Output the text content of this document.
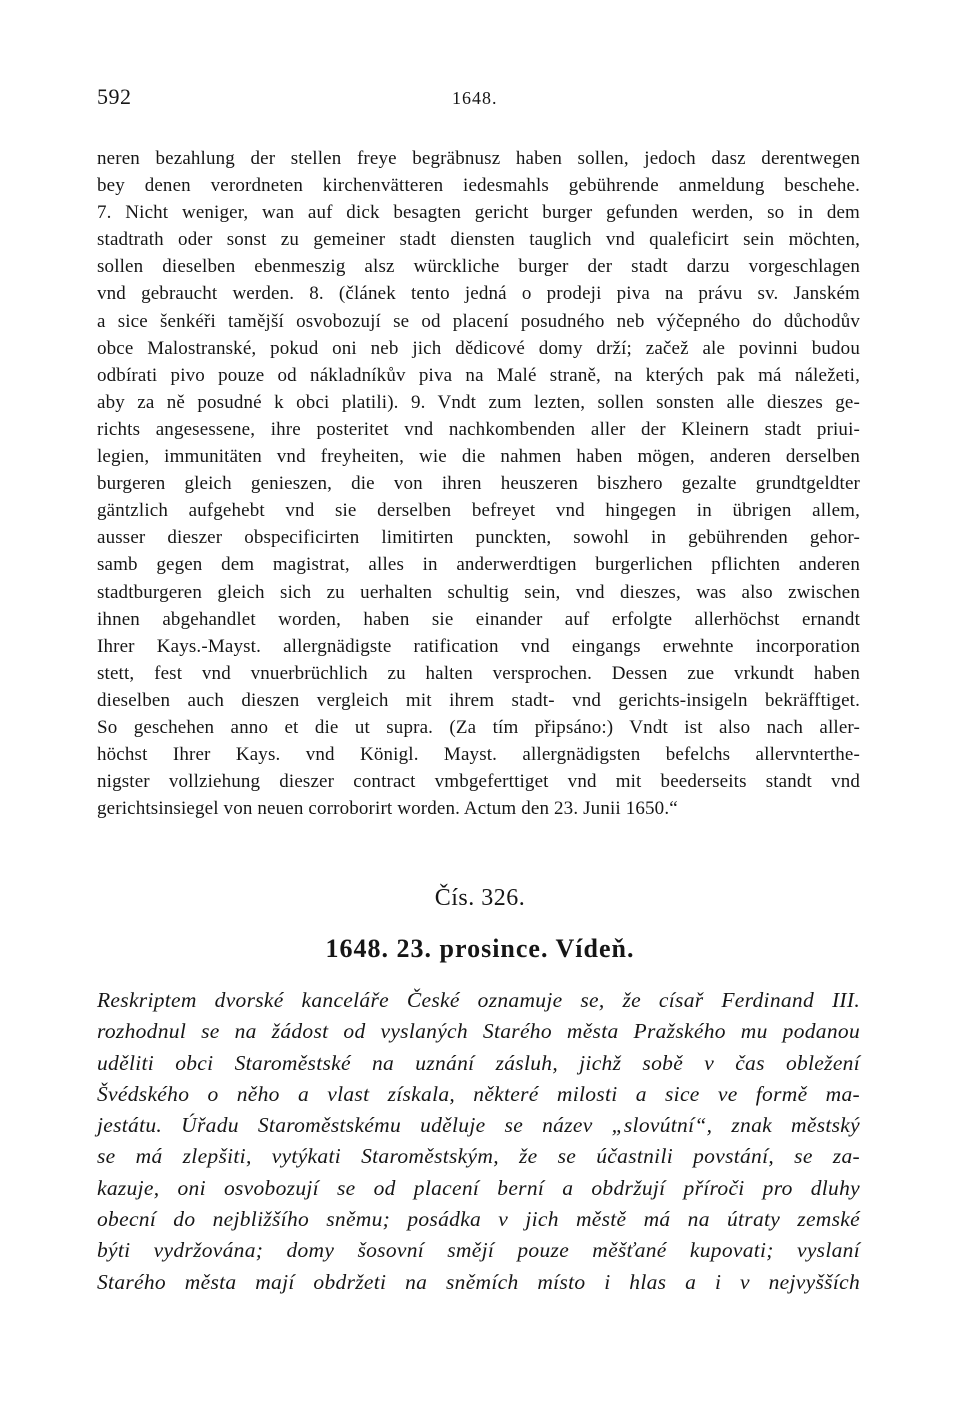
592	1648.
neren bezahlung der stellen freye begräbnusz haben sollen, jedoch dasz derentwegen
bey denen verordneten kirchenvätteren iedesmahls gebührende anmeldung beschehe.
7. Nicht weniger, wan auf dick besagten gericht burger gefunden werden, so in dem
stadtrath oder sonst zu gemeiner stadt diensten tauglich vnd qualeficirt sein möchten,
sollen dieselben ebenmeszig alsz würckliche burger der stadt darzu vorgeschlagen
vnd gebraucht werden. 8. (článek tento jedná o prodeji piva na právu sv. Janském
a sice šenkéři tamější osvobozují se od placení posudného neb výčepného do důchodův
obce Malostranské, pokud oni neb jich dědicové domy drží; začež ale povinni budou
odbírati pivo pouze od nákladníkův piva na Malé straně, na kterých pak má náležeti,
aby za ně posudné k obci platili). 9. Vndt zum lezten, sollen sonsten alle dieszes ge-
richts angesessene, ihre posteritet vnd nachkombenden aller der Kleinern stadt priui-
legien, immunitäten vnd freyheiten, wie die nahmen haben mögen, anderen derselben
burgeren gleich genieszen, die von ihren heuszeren biszhero gezalte grundtgeldter
gäntzlich aufgehebt vnd sie derselben befreyet vnd hingegen in übrigen allem,
ausser dieszer obspecificirten limitirten punckten, sowohl in gebührenden gehor-
samb gegen dem magistrat, alles in anderwerdtigen burgerlichen pflichten anderen
stadtburgeren gleich sich zu uerhalten schultig sein, vnd dieszes, was also zwischen
ihnen abgehandlet worden, haben sie einander auf erfolgte allerhöchst ernandt
Ihrer Kays.-Mayst. allergnädigste ratification vnd eingangs erwehnte incorporation
stett, fest vnd vnuerbrüchlich zu halten versprochen. Dessen zue vrkundt haben
dieselben auch dieszen vergleich mit ihrem stadt- vnd gerichts-insigeln bekräfftiget.
So geschehen anno et die ut supra. (Za tím připsáno:) Vndt ist also nach aller-
höchst Ihrer Kays. vnd Königl. Mayst. allergnädigsten befelchs allervnterthe-
nigster vollziehung dieszer contract vmbgeferttiget vnd mit beederseits standt vnd
gerichtsinsiegel von neuen corroborirt worden. Actum den 23. Junii 1650.“
Čís. 326.
1648. 23. prosince. Vídeň.
Reskriptem dvorské kanceláře České oznamuje se, že císař Ferdinand III.
rozhodnul se na žádost od vyslaných Starého města Pražského mu podanou
uděliti obci Staroměstské na uznání zásluh, jichž sobě v čas obležení
Švédského o něho a vlast získala, některé milosti a sice ve formě ma-
jestátu. Úřadu Staroměstskému uděluje se název „slovútní“, znak městský
se má zlepšiti, vytýkati Staroměstským, že se účastnili povstání, se za-
kazuje, oni osvobozují se od placení berní a obdržují příroči pro dluhy
obecní do nejbližšího sněmu; posádka v jich městě má na útraty zemské
býti vydržována; domy šosovní smějí pouze měšťané kupovati; vyslaní
Starého města mají obdržeti na sněmích místo i hlas a i v nejvyšších
